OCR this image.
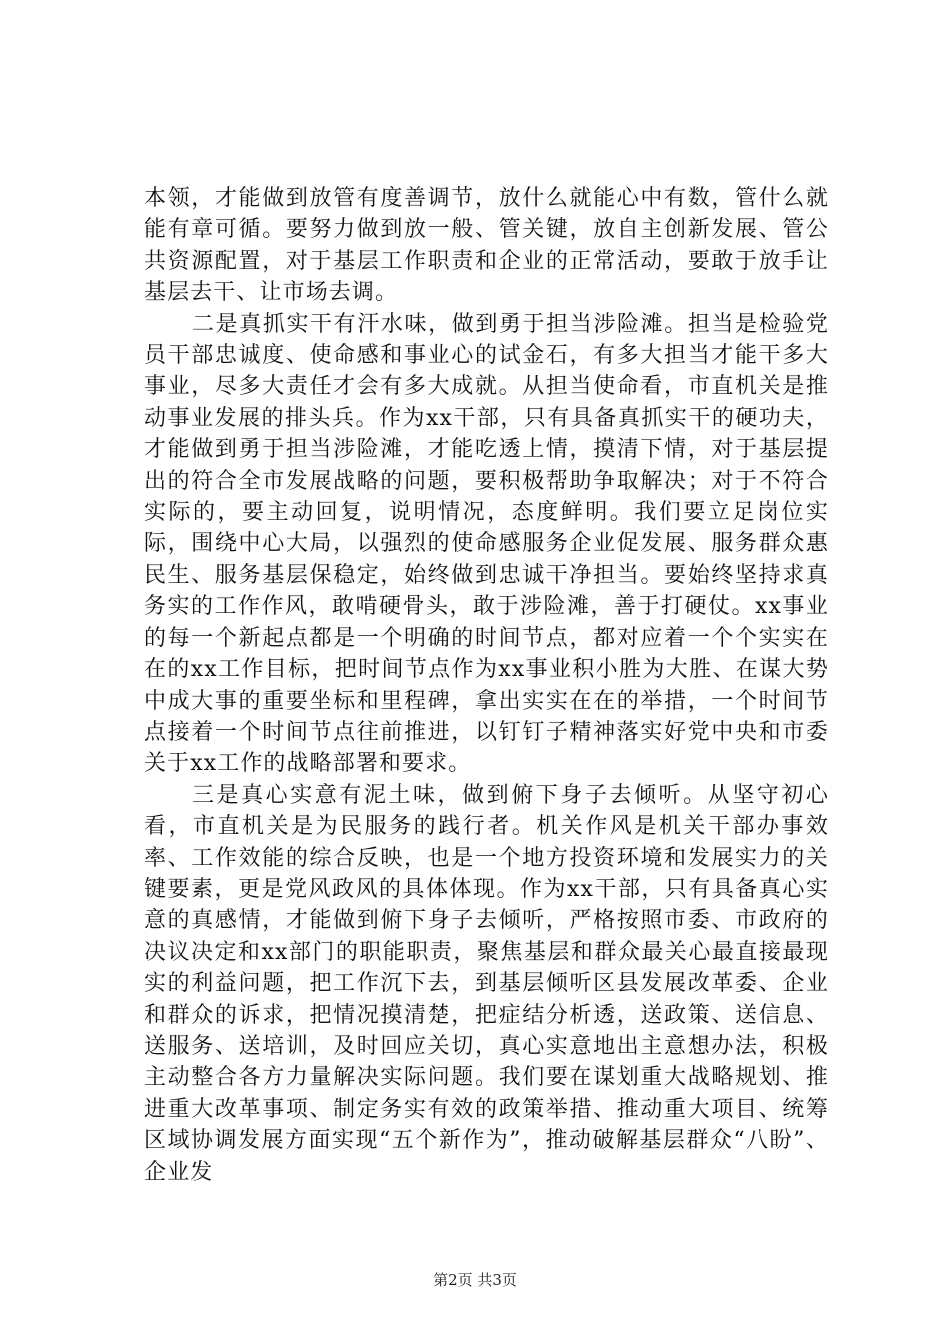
本领，才能做到放管有度善调节，放什么就能心中有数，管什么就能有章可循。要努力做到放一般、管关键，放自主创新发展、管公共资源配置，对于基层工作职责和企业的正常活动，要敢于放手让基层去干、让市场去调。

二是真抓实干有汗水味，做到勇于担当涉险滩。担当是检验党员干部忠诚度、使命感和事业心的试金石，有多大担当才能干多大事业，尽多大责任才会有多大成就。从担当使命看，市直机关是推动事业发展的排头兵。作为xx干部，只有具备真抓实干的硬功夫，才能做到勇于担当涉险滩，才能吃透上情，摸清下情，对于基层提出的符合全市发展战略的问题，要积极帮助争取解决；对于不符合实际的，要主动回复，说明情况，态度鲜明。我们要立足岗位实际，围绕中心大局，以强烈的使命感服务企业促发展、服务群众惠民生、服务基层保稳定，始终做到忠诚干净担当。要始终坚持求真务实的工作作风，敢啃硬骨头，敢于涉险滩，善于打硬仗。xx事业的每一个新起点都是一个明确的时间节点，都对应着一个个实实在在的xx工作目标，把时间节点作为xx事业积小胜为大胜、在谋大势中成大事的重要坐标和里程碑，拿出实实在在的举措，一个时间节点接着一个时间节点往前推进，以钉钉子精神落实好党中央和市委关于xx工作的战略部署和要求。

三是真心实意有泥土味，做到俯下身子去倾听。从坚守初心看，市直机关是为民服务的践行者。机关作风是机关干部办事效率、工作效能的综合反映，也是一个地方投资环境和发展实力的关键要素，更是党风政风的具体体现。作为xx干部，只有具备真心实意的真感情，才能做到俯下身子去倾听，严格按照市委、市政府的决议决定和xx部门的职能职责，聚焦基层和群众最关心最直接最现实的利益问题，把工作沉下去，到基层倾听区县发展改革委、企业和群众的诉求，把情况摸清楚，把症结分析透，送政策、送信息、送服务、送培训，及时回应关切，真心实意地出主意想办法，积极主动整合各方力量解决实际问题。我们要在谋划重大战略规划、推进重大改革事项、制定务实有效的政策举措、推动重大项目、统筹区域协调发展方面实现“五个新作为”，推动破解基层群众“八盼”、企业发

第2页 共3页
